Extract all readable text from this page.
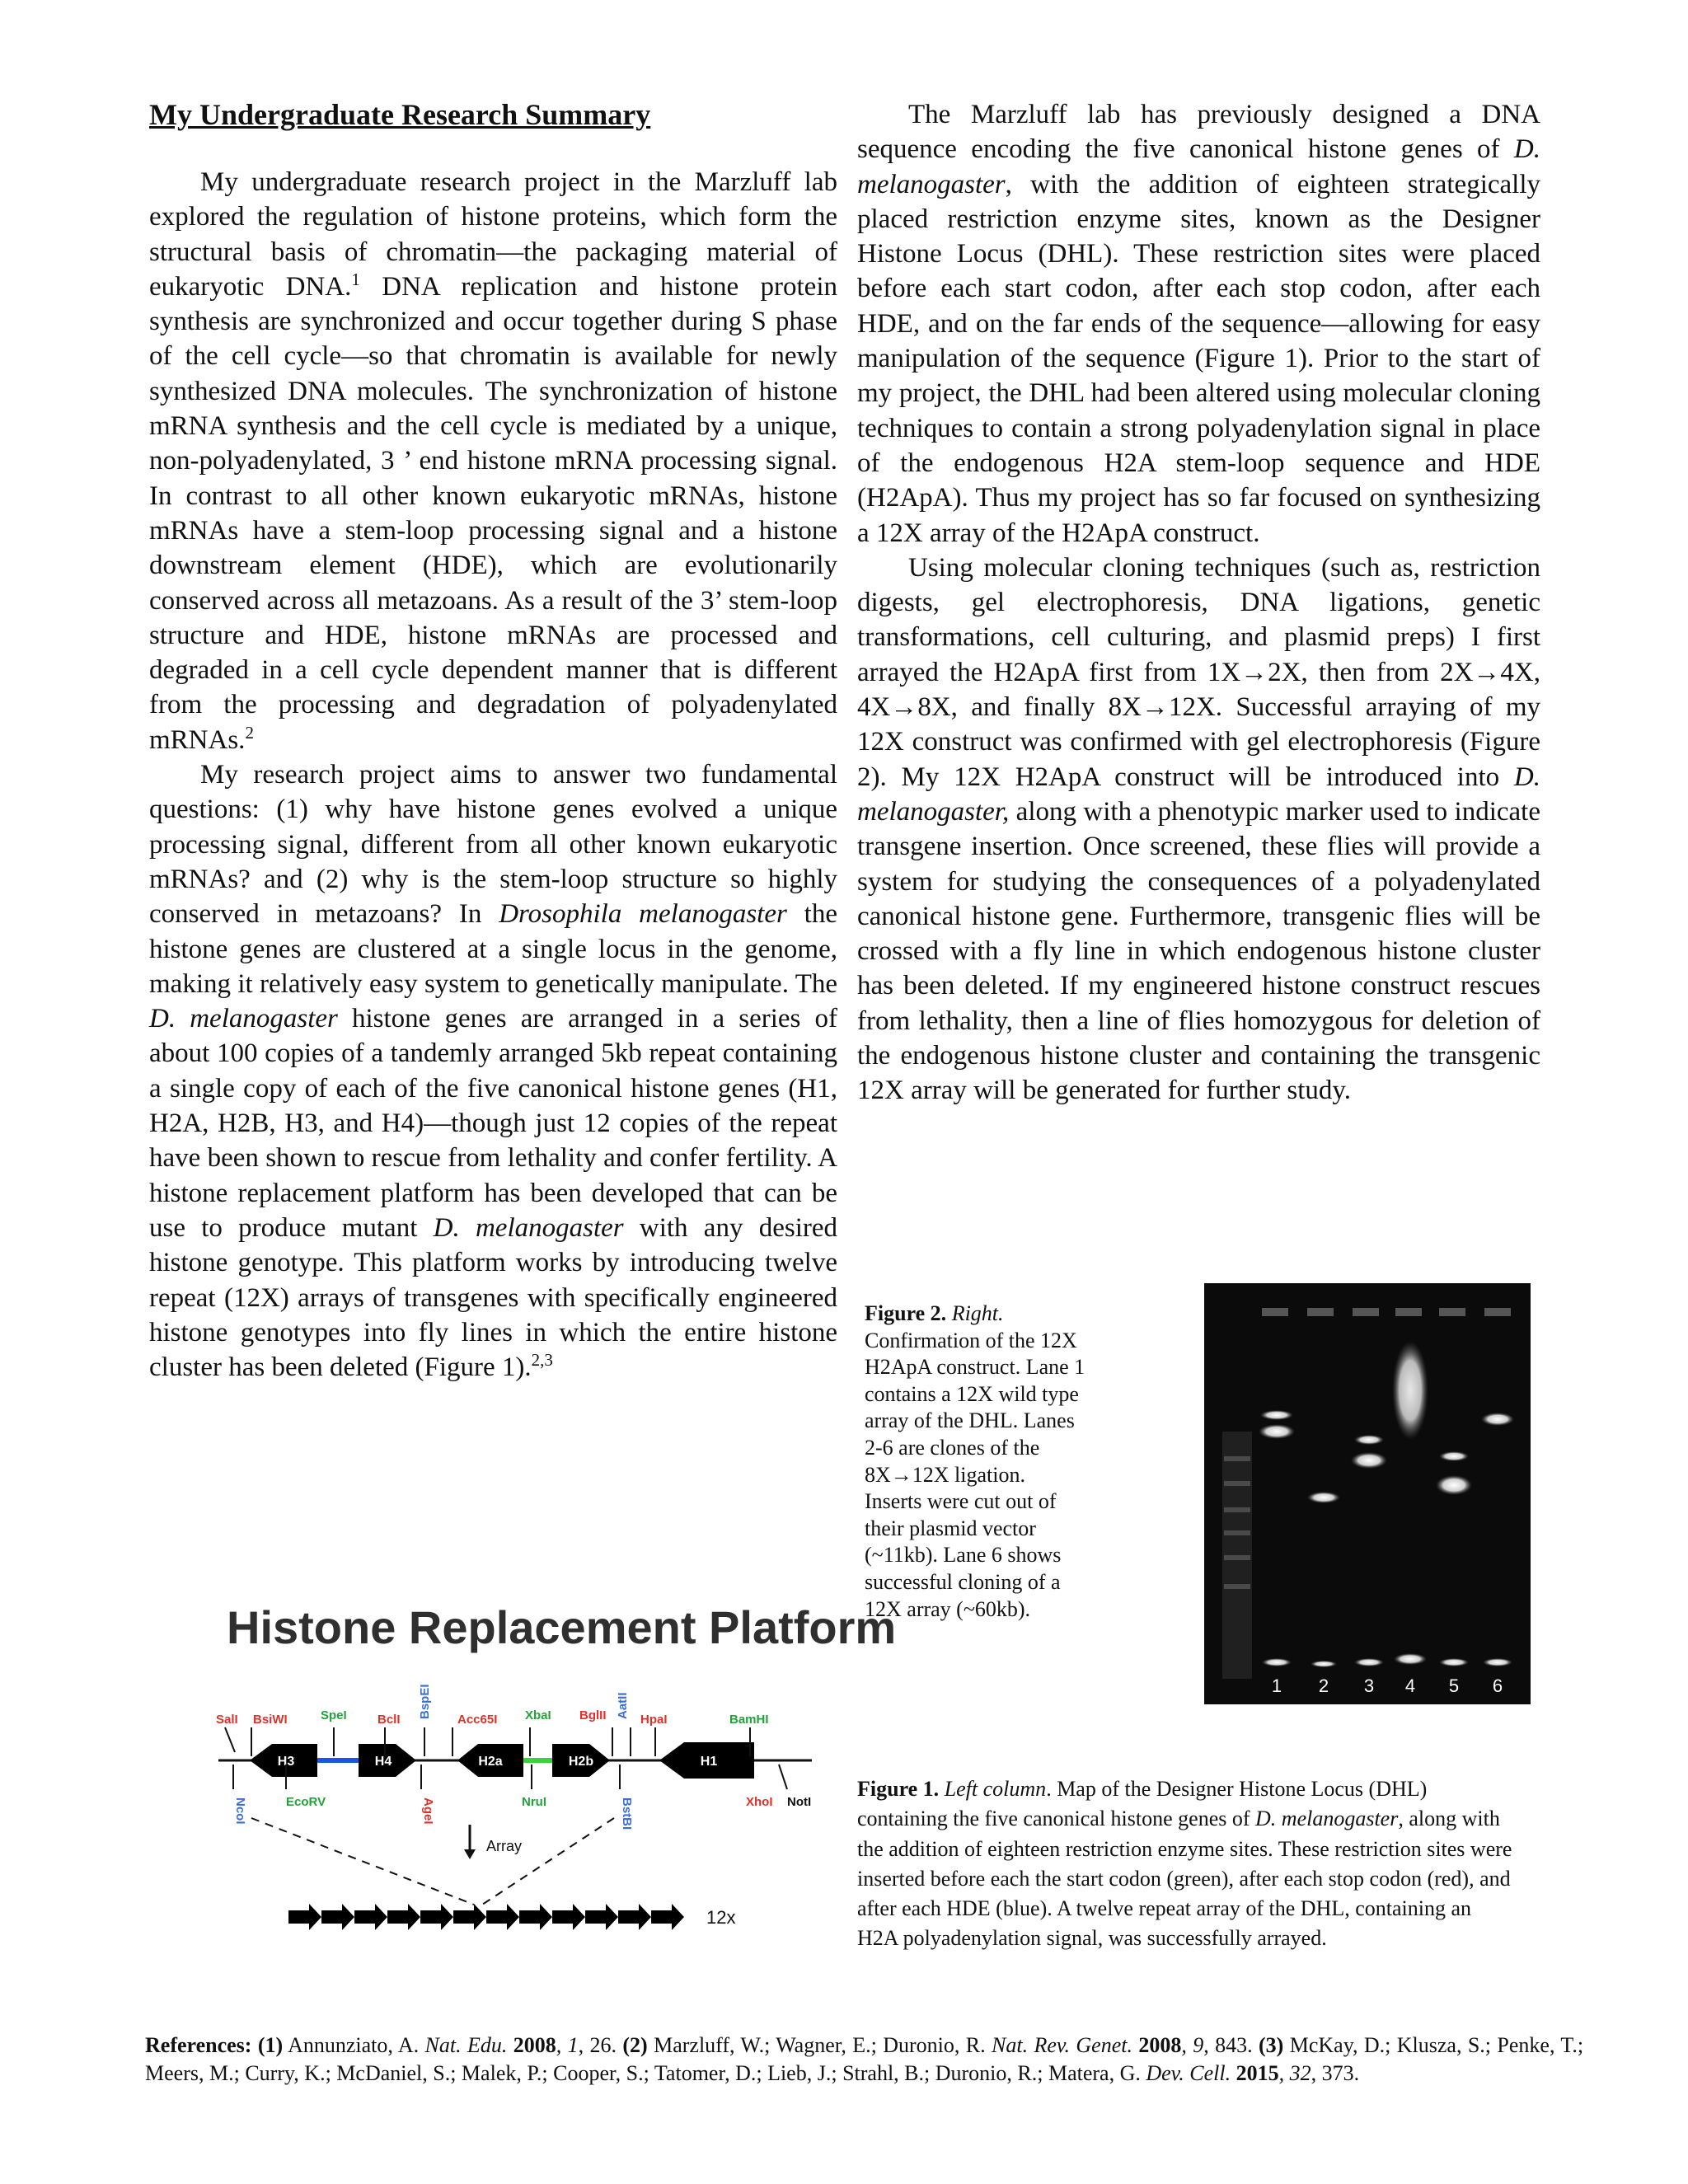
My Undergraduate Research Summary

My undergraduate research project in the Marzluff lab explored the regulation of histone proteins, which form the structural basis of chromatin—the packaging material of eukaryotic DNA.$^1$ DNA replication and histone protein synthesis are synchronized and occur together during S phase of the cell cycle—so that chromatin is available for newly synthesized DNA molecules. The synchronization of histone mRNA synthesis and the cell cycle is mediated by a unique, non-polyadenylated, 3 ’ end histone mRNA processing signal. In contrast to all other known eukaryotic mRNAs, histone mRNAs have a stem-loop processing signal and a histone downstream element (HDE), which are evolutionarily conserved across all metazoans. As a result of the 3’ stem-loop structure and HDE, histone mRNAs are processed and degraded in a cell cycle dependent manner that is different from the processing and degradation of polyadenylated mRNAs.$^2$

My research project aims to answer two fundamental questions: (1) why have histone genes evolved a unique processing signal, different from all other known eukaryotic mRNAs? and (2) why is the stem-loop structure so highly conserved in metazoans? In Drosophila melanogaster the histone genes are clustered at a single locus in the genome, making it relatively easy system to genetically manipulate. The D. melanogaster histone genes are arranged in a series of about 100 copies of a tandemly arranged 5kb repeat containing a single copy of each of the five canonical histone genes (H1, H2A, H2B, H3, and H4)—though just 12 copies of the repeat have been shown to rescue from lethality and confer fertility. A histone replacement platform has been developed that can be use to produce mutant D. melanogaster with any desired histone genotype. This platform works by introducing twelve repeat (12X) arrays of transgenes with specifically engineered histone genotypes into fly lines in which the entire histone cluster has been deleted (Figure 1).$^{2,3}$

The Marzluff lab has previously designed a DNA sequence encoding the five canonical histone genes of D. melanogaster, with the addition of eighteen strategically placed restriction enzyme sites, known as the Designer Histone Locus (DHL). These restriction sites were placed before each start codon, after each stop codon, after each HDE, and on the far ends of the sequence—allowing for easy manipulation of the sequence (Figure 1). Prior to the start of my project, the DHL had been altered using molecular cloning techniques to contain a strong polyadenylation signal in place of the endogenous H2A stem-loop sequence and HDE (H2ApA). Thus my project has so far focused on synthesizing a 12X array of the H2ApA construct.

Using molecular cloning techniques (such as, restriction digests, gel electrophoresis, DNA ligations, genetic transformations, cell culturing, and plasmid preps) I first arrayed the H2ApA first from 1X→2X, then from 2X→4X, 4X→8X, and finally 8X→12X. Successful arraying of my 12X construct was confirmed with gel electrophoresis (Figure 2). My 12X H2ApA construct will be introduced into D. melanogaster, along with a phenotypic marker used to indicate transgene insertion. Once screened, these flies will provide a system for studying the consequences of a polyadenylated canonical histone gene. Furthermore, transgenic flies will be crossed with a fly line in which endogenous histone cluster has been deleted. If my engineered histone construct rescues from lethality, then a line of flies homozygous for deletion of the endogenous histone cluster and containing the transgenic 12X array will be generated for further study.

Figure 2. Right. Confirmation of the 12X H2ApA construct. Lane 1 contains a 12X wild type array of the DHL. Lanes 2-6 are clones of the 8X→12X ligation. Inserts were cut out of their plasmid vector (~11kb). Lane 6 shows successful cloning of a 12X array (~60kb).
1 2 3 4 5 6
~60 kb→
~11 kb→
Histone Replacement Platform
H3	H4	H2a	H2b	H1
SalI BsiWI	SpeI BclI
BspEI
Acc65I XbaI BglII AatII
HpaI	BamHI
NcoI	EcoRV	AgeI	NruI	BstBI	XhoI NotI
Array
12x
Figure 1. Left column. Map of the Designer Histone Locus (DHL) containing the five canonical histone genes of D. melanogaster, along with the addition of eighteen restriction enzyme sites. These restriction sites were inserted before each the start codon (green), after each stop codon (red), and after each HDE (blue). A twelve repeat array of the DHL, containing an H2A polyadenylation signal, was successfully arrayed.
References: (1) Annunziato, A. Nat. Edu. 2008, 1, 26. (2) Marzluff, W.; Wagner, E.; Duronio, R. Nat. Rev. Genet. 2008, 9, 843. (3) McKay, D.; Klusza, S.; Penke, T.; Meers, M.; Curry, K.; McDaniel, S.; Malek, P.; Cooper, S.; Tatomer, D.; Lieb, J.; Strahl, B.; Duronio, R.; Matera, G. Dev. Cell. 2015, 32, 373.
